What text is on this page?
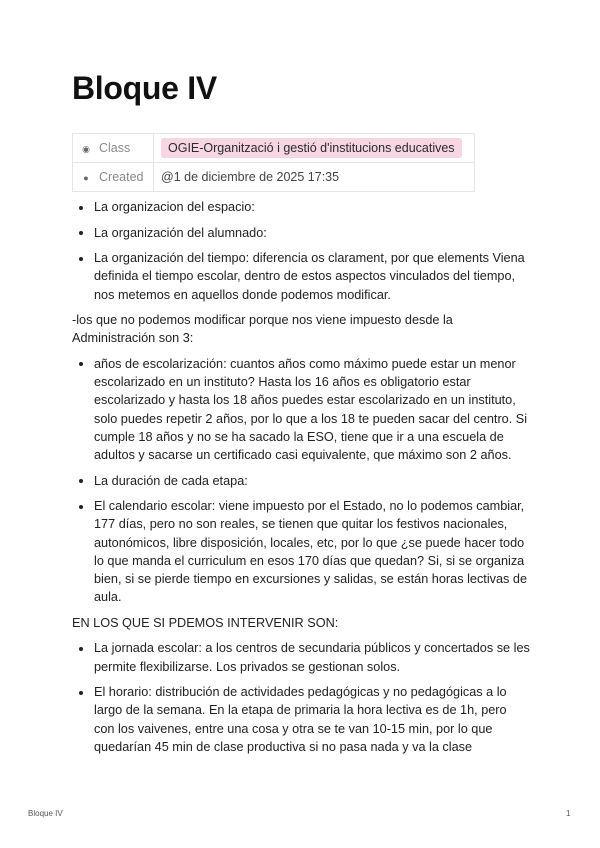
Bloque IV
◉ Class	OGIE-Organització i gestió d'institucions educatives
● Created	@1 de diciembre de 2025 17:35
La organizacion del espacio:
La organización del alumnado:
La organización del tiempo: diferencia os clarament, por que elements Viena definida el tiempo escolar, dentro de estos aspectos vinculados del tiempo, nos metemos en aquellos donde podemos modificar.

-los que no podemos modificar porque nos viene impuesto desde la Administración son 3:

años de escolarización: cuantos años como máximo puede estar un menor escolarizado en un instituto? Hasta los 16 años es obligatorio estar escolarizado y hasta los 18 años puedes estar escolarizado en un instituto, solo puedes repetir 2 años, por lo que a los 18 te pueden sacar del centro. Si cumple 18 años y no se ha sacado la ESO, tiene que ir a una escuela de adultos y sacarse un certificado casi equivalente, que máximo son 2 años.
La duración de cada etapa:
El calendario escolar: viene impuesto por el Estado, no lo podemos cambiar, 177 días, pero no son reales, se tienen que quitar los festivos nacionales, autonómicos, libre disposición, locales, etc, por lo que ¿se puede hacer todo lo que manda el curriculum en esos 170 días que quedan? Si, si se organiza bien, si se pierde tiempo en excursiones y salidas, se están horas lectivas de aula.

EN LOS QUE SI PDEMOS INTERVENIR SON:

La jornada escolar: a los centros de secundaria públicos y concertados se les permite flexibilizarse. Los privados se gestionan solos.
El horario: distribución de actividades pedagógicas y no pedagógicas a lo largo de la semana. En la etapa de primaria la hora lectiva es de 1h, pero con los vaivenes, entre una cosa y otra se te van 10-15 min, por lo que quedarían 45 min de clase productiva si no pasa nada y va la clase
Bloque IV	1
